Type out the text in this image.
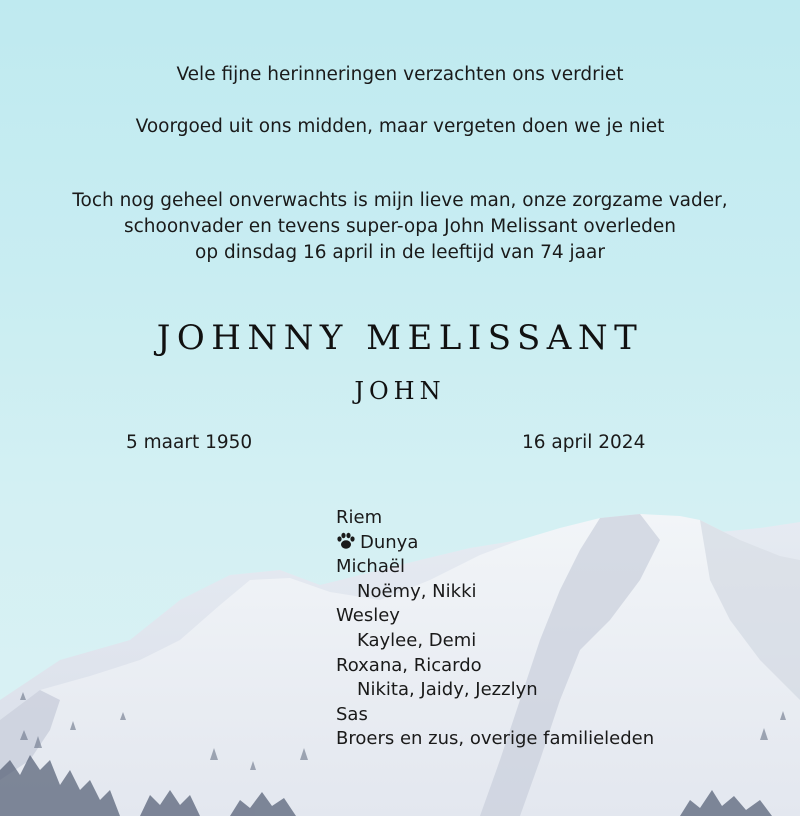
Vele fijne herinneringen verzachten ons verdriet
Voorgoed uit ons midden, maar vergeten doen we je niet
Toch nog geheel onverwachts is mijn lieve man, onze zorgzame vader,
schoonvader en tevens super-opa John Melissant overleden
op dinsdag 16 april in de leeftijd van 74 jaar
JOHNNY MELISSANT
JOHN
5 maart 1950	16 april 2024
Riem
Dunya
Michaël
Noëmy, Nikki
Wesley
Kaylee, Demi
Roxana, Ricardo
Nikita, Jaidy, Jezzlyn
Sas
Broers en zus, overige familieleden
